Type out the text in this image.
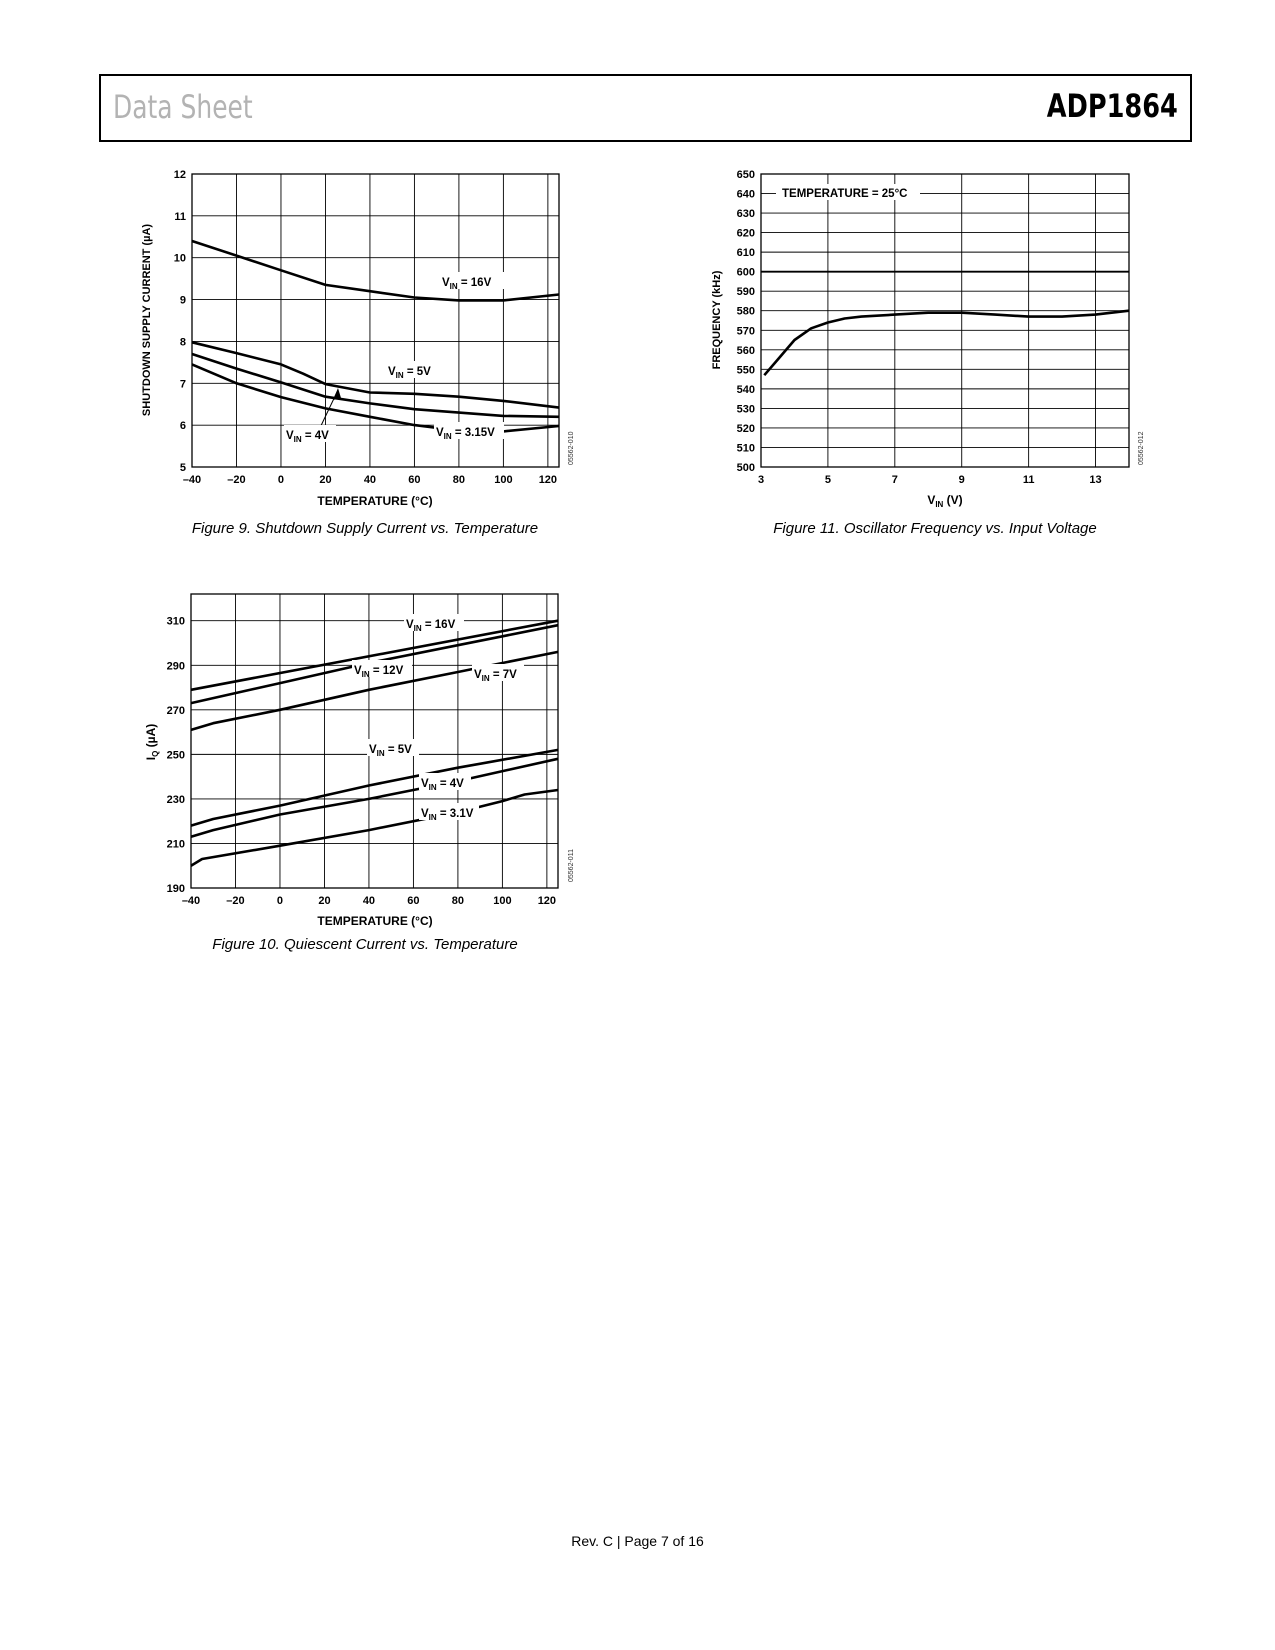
Data Sheet	ADP1864
–40 –20	0	20	40	60	80	100 120
5
6
7
8
9
10
11
12
TEMPERATURE (°C)
SHUTDOWN SUPPLY CURRENT (µA)
05562-010
$V_{IN} = 16V$
$V_{IN} = 5V$
$V_{IN} = 4V$	$V_{IN} = 3.15V$
Figure 9. Shutdown Supply Current vs. Temperature
–40 –20	0	20	40	60	80	100 120
190
210
230
250
270
290
310
TEMPERATURE (°C)
$I_Q$ (µA)
05562-011
$V_{IN} = 16V$
$V_{IN} = 12V$	$V_{IN} = 7V$
$V_{IN} = 5V$
$V_{IN} = 4V$
$V_{IN} = 3.1V$
Figure 10. Quiescent Current vs. Temperature
3	5	7	9	11	13
500
510
520
530
540
550
560
570
580
590
600
610
620
630
640
650
$V_{IN}$ (V)
FREQUENCY (kHz)
05562-012
TEMPERATURE = 25°C
Figure 11. Oscillator Frequency vs. Input Voltage
Rev. C | Page 7 of 16
